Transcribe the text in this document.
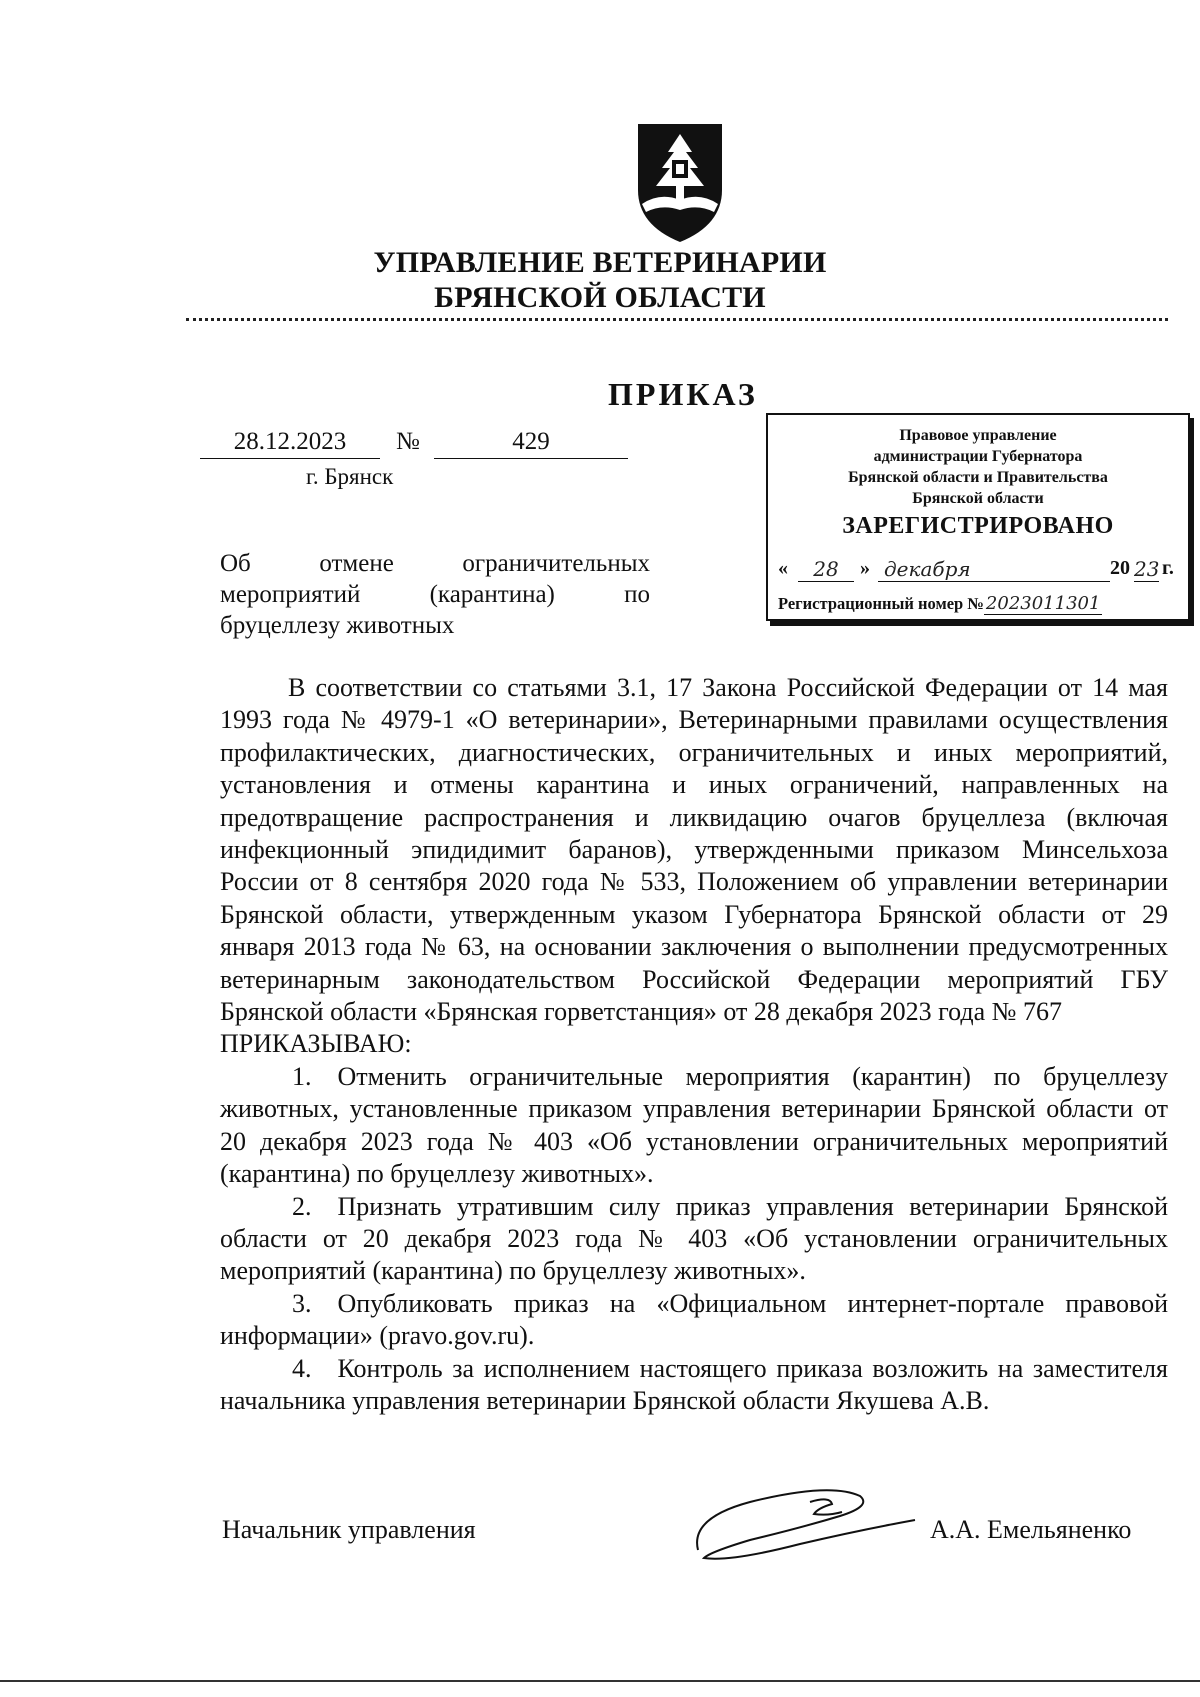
УПРАВЛЕНИЕ ВЕТЕРИНАРИИ
БРЯНСКОЙ ОБЛАСТИ
ПРИКАЗ
28.12.2023	№	429
г. Брянск
Об отмене ограничительных
мероприятий (карантина) по
бруцеллезу животных
Правовое управление
администрации Губернатора
Брянской области и Правительства
Брянской области
ЗАРЕГИСТРИРОВАНО
«	28	» декабря	20 23 г.
Регистрационный номер № 2023011301

В соответствии со статьями 3.1, 17 Закона Российской Федерации от 14 мая 1993 года № 4979-1 «О ветеринарии», Ветеринарными правилами осуществления профилактических, диагностических, ограничительных и иных мероприятий, установления и отмены карантина и иных ограничений, направленных на предотвращение распространения и ликвидацию очагов бруцеллеза (включая инфекционный эпидидимит баранов), утвержденными приказом Минсельхоза России от 8 сентября 2020 года № 533, Положением об управлении ветеринарии Брянской области, утвержденным указом Губернатора Брянской области от 29 января 2013 года № 63, на основании заключения о выполнении предусмотренных ветеринарным законодательством Российской Федерации мероприятий ГБУ Брянской области «Брянская горветстанция» от 28 декабря 2023 года № 767

ПРИКАЗЫВАЮ:

1. Отменить ограничительные мероприятия (карантин) по бруцеллезу животных, установленные приказом управления ветеринарии Брянской области от 20 декабря 2023 года № 403 «Об установлении ограничительных мероприятий (карантина) по бруцеллезу животных».

2. Признать утратившим силу приказ управления ветеринарии Брянской области от 20 декабря 2023 года № 403 «Об установлении ограничительных мероприятий (карантина) по бруцеллезу животных».

3. Опубликовать приказ на «Официальном интернет-портале правовой информации» (pravo.gov.ru).

4. Контроль за исполнением настоящего приказа возложить на заместителя начальника управления ветеринарии Брянской области Якушева А.В.

Начальник управления	А.А. Емельяненко
